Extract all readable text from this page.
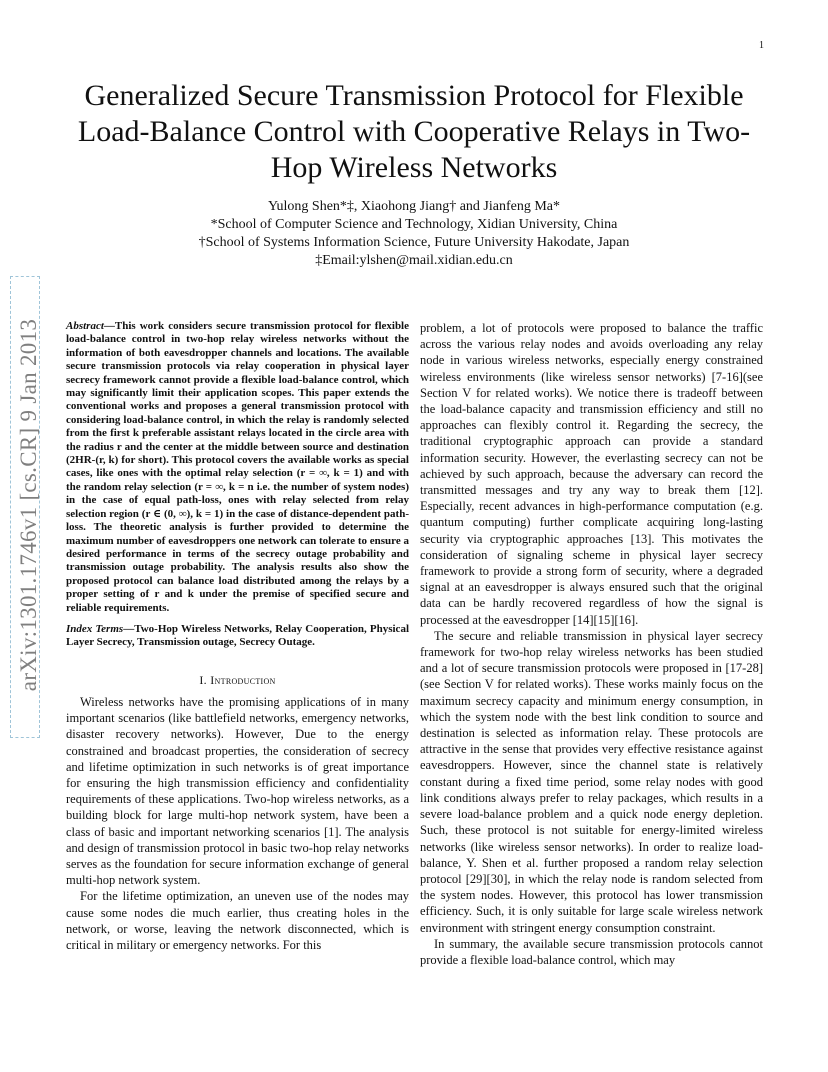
1
arXiv:1301.1746v1 [cs.CR] 9 Jan 2013
Generalized Secure Transmission Protocol for Flexible Load-Balance Control with Cooperative Relays in Two-Hop Wireless Networks
Yulong Shen*‡, Xiaohong Jiang† and Jianfeng Ma*
*School of Computer Science and Technology, Xidian University, China
†School of Systems Information Science, Future University Hakodate, Japan
‡Email:ylshen@mail.xidian.edu.cn
Abstract—This work considers secure transmission protocol for flexible load-balance control in two-hop relay wireless networks without the information of both eavesdropper channels and locations. The available secure transmission protocols via relay cooperation in physical layer secrecy framework cannot provide a flexible load-balance control, which may significantly limit their application scopes. This paper extends the conventional works and proposes a general transmission protocol with considering load-balance control, in which the relay is randomly selected from the first k preferable assistant relays located in the circle area with the radius r and the center at the middle between source and destination (2HR-(r, k) for short). This protocol covers the available works as special cases, like ones with the optimal relay selection (r = ∞, k = 1) and with the random relay selection (r = ∞, k = n i.e. the number of system nodes) in the case of equal path-loss, ones with relay selected from relay selection region (r ∈ (0, ∞), k = 1) in the case of distance-dependent path-loss. The theoretic analysis is further provided to determine the maximum number of eavesdroppers one network can tolerate to ensure a desired performance in terms of the secrecy outage probability and transmission outage probability. The analysis results also show the proposed protocol can balance load distributed among the relays by a proper setting of r and k under the premise of specified secure and reliable requirements.
Index Terms—Two-Hop Wireless Networks, Relay Cooperation, Physical Layer Secrecy, Transmission outage, Secrecy Outage.
I. Introduction

Wireless networks have the promising applications of in many important scenarios (like battlefield networks, emergency networks, disaster recovery networks). However, Due to the energy constrained and broadcast properties, the consideration of secrecy and lifetime optimization in such networks is of great importance for ensuring the high transmission efficiency and confidentiality requirements of these applications. Two-hop wireless networks, as a building block for large multi-hop network system, have been a class of basic and important networking scenarios [1]. The analysis and design of transmission protocol in basic two-hop relay networks serves as the foundation for secure information exchange of general multi-hop network system.

For the lifetime optimization, an uneven use of the nodes may cause some nodes die much earlier, thus creating holes in the network, or worse, leaving the network disconnected, which is critical in military or emergency networks. For this

problem, a lot of protocols were proposed to balance the traffic across the various relay nodes and avoids overloading any relay node in various wireless networks, especially energy constrained wireless environments (like wireless sensor networks) [7-16](see Section V for related works). We notice there is tradeoff between the load-balance capacity and transmission efficiency and still no approaches can flexibly control it. Regarding the secrecy, the traditional cryptographic approach can provide a standard information security. However, the everlasting secrecy can not be achieved by such approach, because the adversary can record the transmitted messages and try any way to break them [12]. Especially, recent advances in high-performance computation (e.g. quantum computing) further complicate acquiring long-lasting security via cryptographic approaches [13]. This motivates the consideration of signaling scheme in physical layer secrecy framework to provide a strong form of security, where a degraded signal at an eavesdropper is always ensured such that the original data can be hardly recovered regardless of how the signal is processed at the eavesdropper [14][15][16].

The secure and reliable transmission in physical layer secrecy framework for two-hop relay wireless networks has been studied and a lot of secure transmission protocols were proposed in [17-28](see Section V for related works). These works mainly focus on the maximum secrecy capacity and minimum energy consumption, in which the system node with the best link condition to source and destination is selected as information relay. These protocols are attractive in the sense that provides very effective resistance against eavesdroppers. However, since the channel state is relatively constant during a fixed time period, some relay nodes with good link conditions always prefer to relay packages, which results in a severe load-balance problem and a quick node energy depletion. Such, these protocol is not suitable for energy-limited wireless networks (like wireless sensor networks). In order to realize load-balance, Y. Shen et al. further proposed a random relay selection protocol [29][30], in which the relay node is random selected from the system nodes. However, this protocol has lower transmission efficiency. Such, it is only suitable for large scale wireless network environment with stringent energy consumption constraint.

In summary, the available secure transmission protocols cannot provide a flexible load-balance control, which may
